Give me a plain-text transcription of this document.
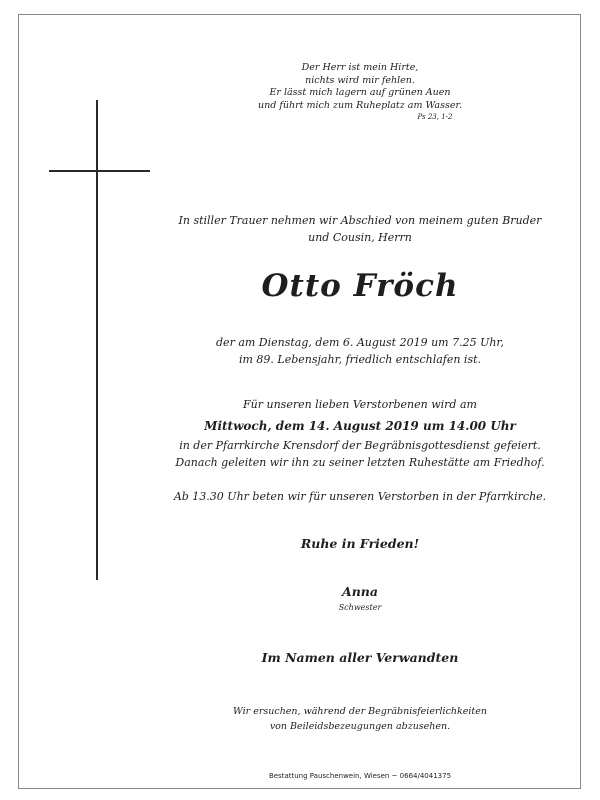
Der Herr ist mein Hirte,
nichts wird mir fehlen.
Er lässt mich lagern auf grünen Auen
und führt mich zum Ruheplatz am Wasser.
Ps 23, 1-2
In stiller Trauer nehmen wir Abschied von meinem guten Bruder
und Cousin, Herrn
Otto Fröch
der am Dienstag, dem 6. August 2019 um 7.25 Uhr,
im 89. Lebensjahr, friedlich entschlafen ist.
Für unseren lieben Verstorbenen wird am
Mittwoch, dem 14. August 2019 um 14.00 Uhr
in der Pfarrkirche Krensdorf der Begräbnisgottesdienst gefeiert.
Danach geleiten wir ihn zu seiner letzten Ruhestätte am Friedhof.
Ab 13.30 Uhr beten wir für unseren Verstorben in der Pfarrkirche.
Ruhe in Frieden!
Anna
Schwester
Im Namen aller Verwandten
Wir ersuchen, während der Begräbnisfeierlichkeiten
von Beileidsbezeugungen abzusehen.
Bestattung Pauschenwein, Wiesen ~ 0664/4041375
